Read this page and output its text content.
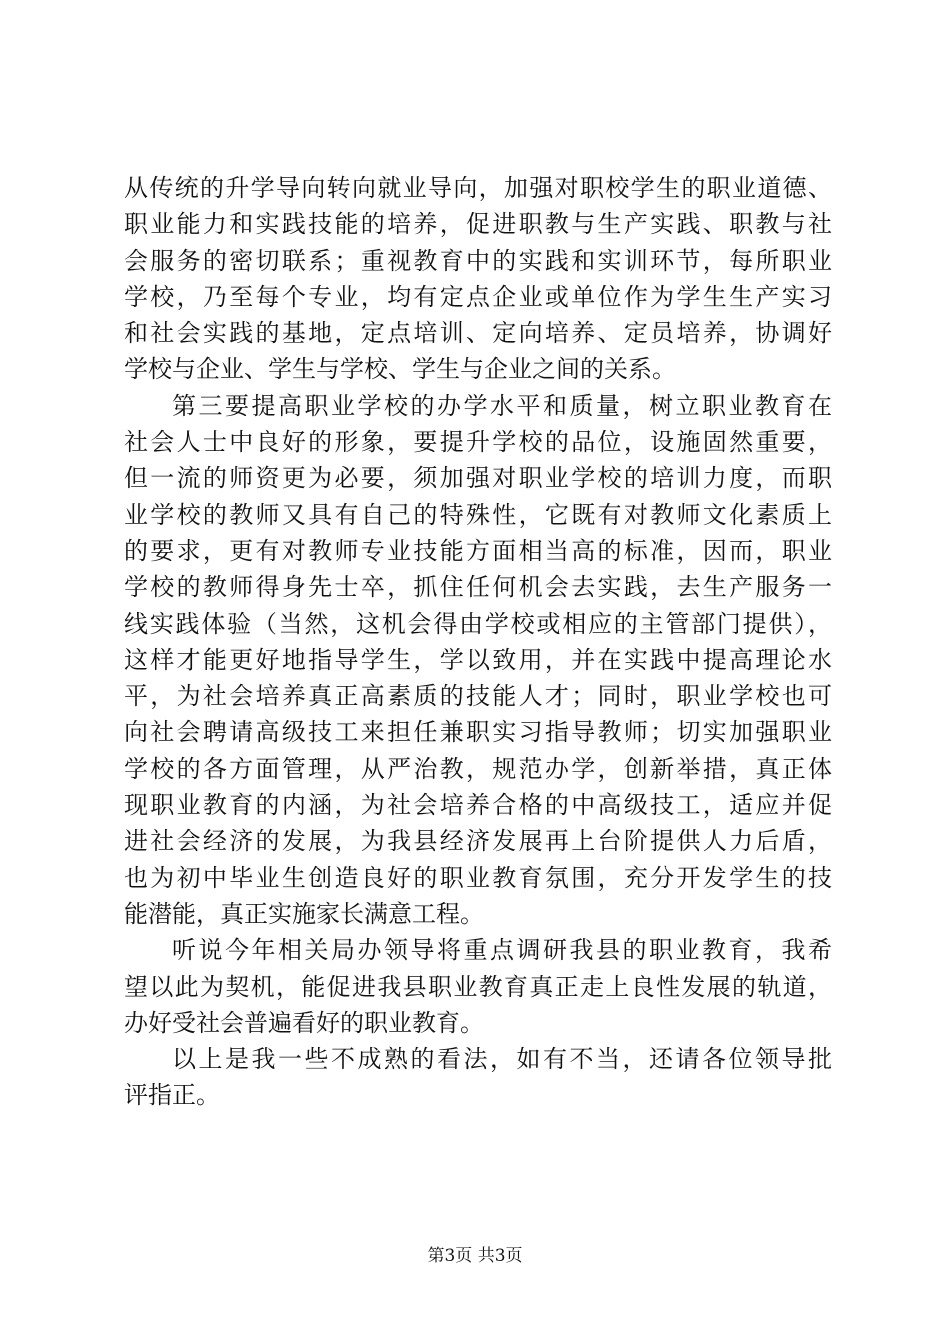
从传统的升学导向转向就业导向，加强对职校学生的职业道德、
职业能力和实践技能的培养，促进职教与生产实践、职教与社
会服务的密切联系；重视教育中的实践和实训环节，每所职业
学校，乃至每个专业，均有定点企业或单位作为学生生产实习
和社会实践的基地，定点培训、定向培养、定员培养，协调好
学校与企业、学生与学校、学生与企业之间的关系。
第三要提高职业学校的办学水平和质量，树立职业教育在
社会人士中良好的形象，要提升学校的品位，设施固然重要，
但一流的师资更为必要，须加强对职业学校的培训力度，而职
业学校的教师又具有自己的特殊性，它既有对教师文化素质上
的要求，更有对教师专业技能方面相当高的标准，因而，职业
学校的教师得身先士卒，抓住任何机会去实践，去生产服务一
线实践体验（当然，这机会得由学校或相应的主管部门提供），
这样才能更好地指导学生，学以致用，并在实践中提高理论水
平，为社会培养真正高素质的技能人才；同时，职业学校也可
向社会聘请高级技工来担任兼职实习指导教师；切实加强职业
学校的各方面管理，从严治教，规范办学，创新举措，真正体
现职业教育的内涵，为社会培养合格的中高级技工，适应并促
进社会经济的发展，为我县经济发展再上台阶提供人力后盾，
也为初中毕业生创造良好的职业教育氛围，充分开发学生的技
能潜能，真正实施家长满意工程。
听说今年相关局办领导将重点调研我县的职业教育，我希
望以此为契机，能促进我县职业教育真正走上良性发展的轨道，
办好受社会普遍看好的职业教育。
以上是我一些不成熟的看法，如有不当，还请各位领导批
评指正。
第3页 共3页
